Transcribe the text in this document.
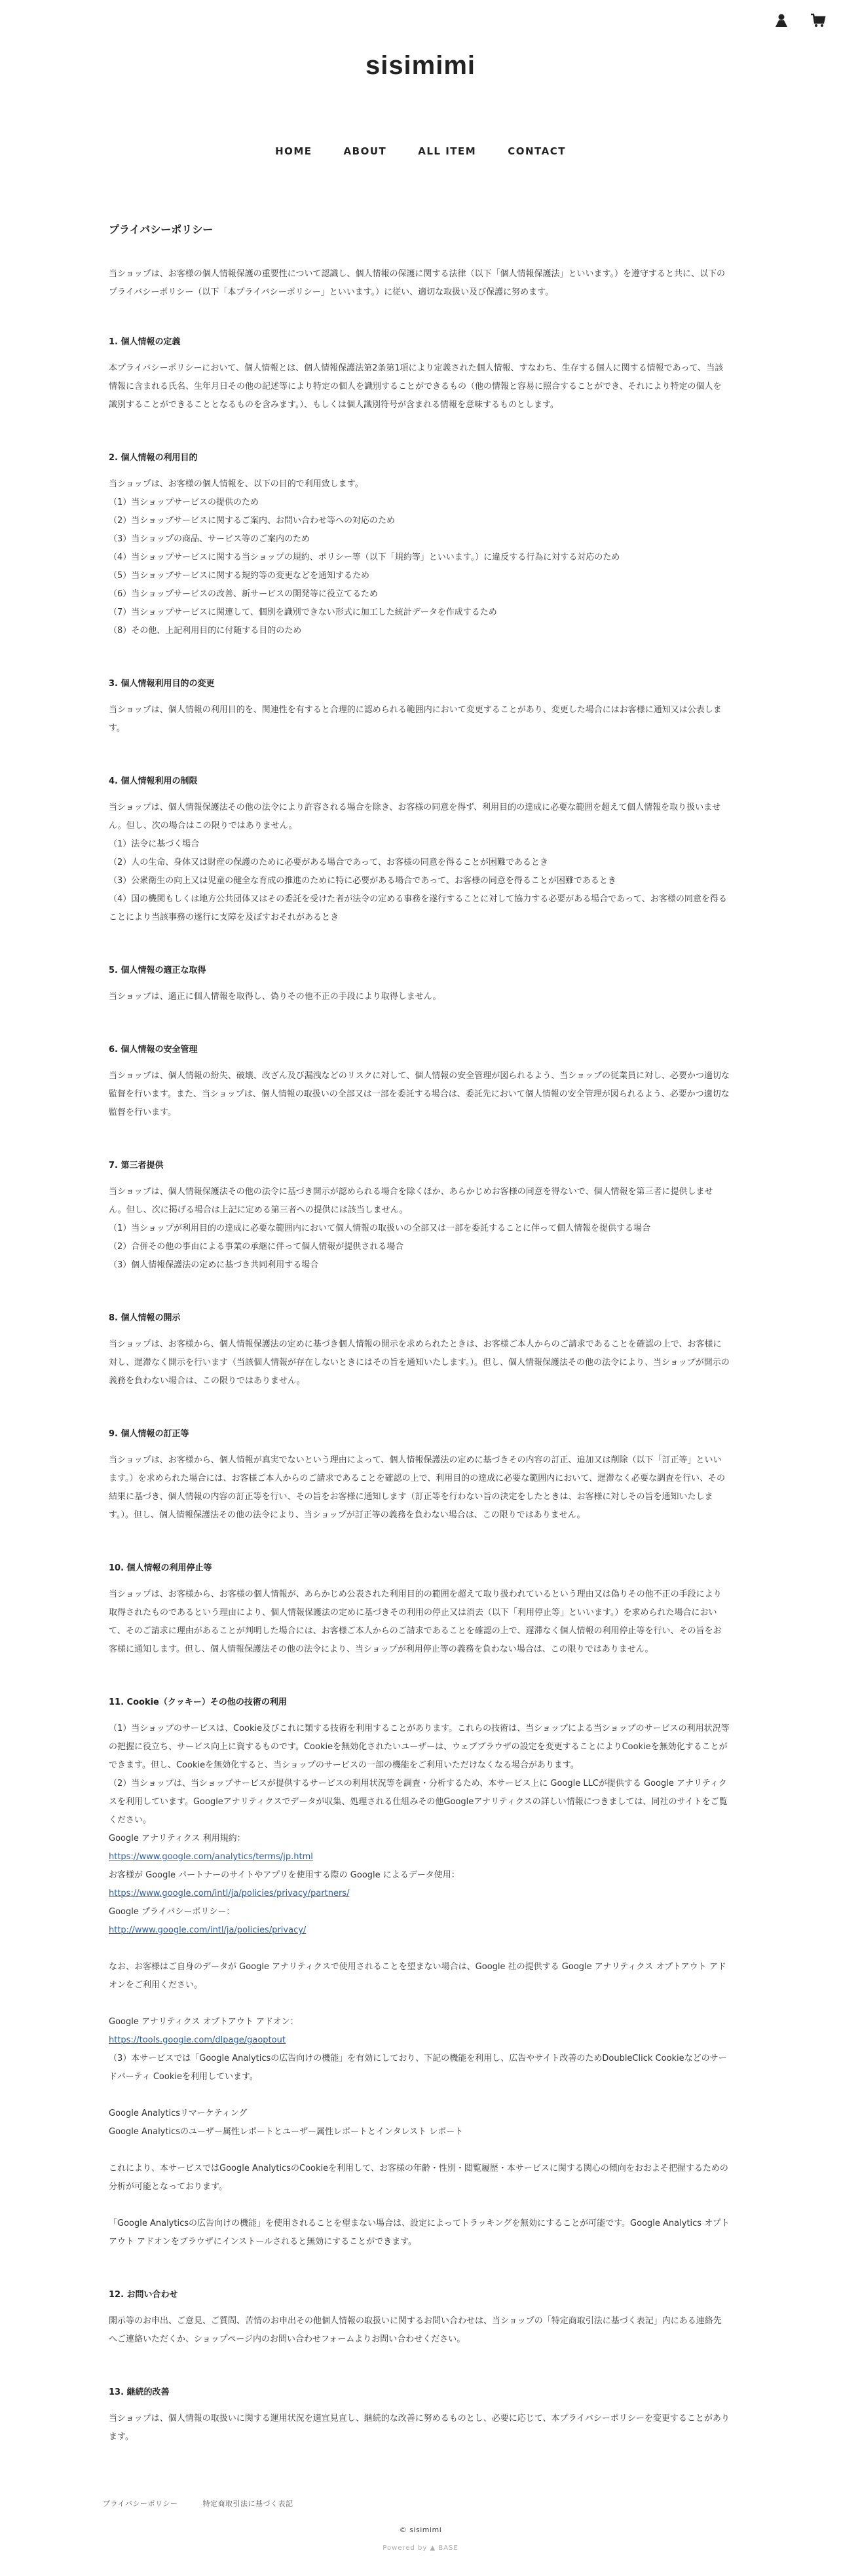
sisimimi
HOME	ABOUT	ALL ITEM	CONTACT
プライバシーポリシー

当ショップは、お客様の個人情報保護の重要性について認識し、個人情報の保護に関する法律（以下「個人情報保護法」といいます。）を遵守すると共に、以下のプライバシーポリシー（以下「本プライバシーポリシー」といいます。）に従い、適切な取扱い及び保護に努めます。

1. 個人情報の定義
本プライバシーポリシーにおいて、個人情報とは、個人情報保護法第2条第1項により定義された個人情報、すなわち、生存する個人に関する情報であって、当該情報に含まれる氏名、生年月日その他の記述等により特定の個人を識別することができるもの（他の情報と容易に照合することができ、それにより特定の個人を識別することができることとなるものを含みます。）、もしくは個人識別符号が含まれる情報を意味するものとします。
2. 個人情報の利用目的
当ショップは、お客様の個人情報を、以下の目的で利用致します。
（1）当ショップサービスの提供のため
（2）当ショップサービスに関するご案内、お問い合わせ等への対応のため
（3）当ショップの商品、サービス等のご案内のため
（4）当ショップサービスに関する当ショップの規約、ポリシー等（以下「規約等」といいます。）に違反する行為に対する対応のため
（5）当ショップサービスに関する規約等の変更などを通知するため
（6）当ショップサービスの改善、新サービスの開発等に役立てるため
（7）当ショップサービスに関連して、個別を識別できない形式に加工した統計データを作成するため
（8）その他、上記利用目的に付随する目的のため
3. 個人情報利用目的の変更
当ショップは、個人情報の利用目的を、関連性を有すると合理的に認められる範囲内において変更することがあり、変更した場合にはお客様に通知又は公表します。
4. 個人情報利用の制限
当ショップは、個人情報保護法その他の法令により許容される場合を除き、お客様の同意を得ず、利用目的の達成に必要な範囲を超えて個人情報を取り扱いません。但し、次の場合はこの限りではありません。
（1）法令に基づく場合
（2）人の生命、身体又は財産の保護のために必要がある場合であって、お客様の同意を得ることが困難であるとき
（3）公衆衛生の向上又は児童の健全な育成の推進のために特に必要がある場合であって、お客様の同意を得ることが困難であるとき
（4）国の機関もしくは地方公共団体又はその委託を受けた者が法令の定める事務を遂行することに対して協力する必要がある場合であって、お客様の同意を得ることにより当該事務の遂行に支障を及ぼすおそれがあるとき
5. 個人情報の適正な取得
当ショップは、適正に個人情報を取得し、偽りその他不正の手段により取得しません。
6. 個人情報の安全管理
当ショップは、個人情報の紛失、破壊、改ざん及び漏洩などのリスクに対して、個人情報の安全管理が図られるよう、当ショップの従業員に対し、必要かつ適切な監督を行います。また、当ショップは、個人情報の取扱いの全部又は一部を委託する場合は、委託先において個人情報の安全管理が図られるよう、必要かつ適切な監督を行います。
7. 第三者提供
当ショップは、個人情報保護法その他の法令に基づき開示が認められる場合を除くほか、あらかじめお客様の同意を得ないで、個人情報を第三者に提供しません。但し、次に掲げる場合は上記に定める第三者への提供には該当しません。
（1）当ショップが利用目的の達成に必要な範囲内において個人情報の取扱いの全部又は一部を委託することに伴って個人情報を提供する場合
（2）合併その他の事由による事業の承継に伴って個人情報が提供される場合
（3）個人情報保護法の定めに基づき共同利用する場合
8. 個人情報の開示
当ショップは、お客様から、個人情報保護法の定めに基づき個人情報の開示を求められたときは、お客様ご本人からのご請求であることを確認の上で、お客様に対し、遅滞なく開示を行います（当該個人情報が存在しないときにはその旨を通知いたします。）。但し、個人情報保護法その他の法令により、当ショップが開示の義務を負わない場合は、この限りではありません。
9. 個人情報の訂正等
当ショップは、お客様から、個人情報が真実でないという理由によって、個人情報保護法の定めに基づきその内容の訂正、追加又は削除（以下「訂正等」といいます。）を求められた場合には、お客様ご本人からのご請求であることを確認の上で、利用目的の達成に必要な範囲内において、遅滞なく必要な調査を行い、その結果に基づき、個人情報の内容の訂正等を行い、その旨をお客様に通知します（訂正等を行わない旨の決定をしたときは、お客様に対しその旨を通知いたします。）。但し、個人情報保護法その他の法令により、当ショップが訂正等の義務を負わない場合は、この限りではありません。
10. 個人情報の利用停止等
当ショップは、お客様から、お客様の個人情報が、あらかじめ公表された利用目的の範囲を超えて取り扱われているという理由又は偽りその他不正の手段により取得されたものであるという理由により、個人情報保護法の定めに基づきその利用の停止又は消去（以下「利用停止等」といいます。）を求められた場合において、そのご請求に理由があることが判明した場合には、お客様ご本人からのご請求であることを確認の上で、遅滞なく個人情報の利用停止等を行い、その旨をお客様に通知します。但し、個人情報保護法その他の法令により、当ショップが利用停止等の義務を負わない場合は、この限りではありません。
11. Cookie（クッキー）その他の技術の利用
（1）当ショップのサービスは、Cookie及びこれに類する技術を利用することがあります。これらの技術は、当ショップによる当ショップのサービスの利用状況等の把握に役立ち、サービス向上に資するものです。Cookieを無効化されたいユーザーは、ウェブブラウザの設定を変更することによりCookieを無効化することができます。但し、Cookieを無効化すると、当ショップのサービスの一部の機能をご利用いただけなくなる場合があります。
（2）当ショップは、当ショップサービスが提供するサービスの利用状況等を調査・分析するため、本サービス上に Google LLCが提供する Google アナリティクスを利用しています。Googleアナリティクスでデータが収集、処理される仕組みその他Googleアナリティクスの詳しい情報につきましては、同社のサイトをご覧ください。
Google アナリティクス 利用規約：
https://www.google.com/analytics/terms/jp.html
お客様が Google パートナーのサイトやアプリを使用する際の Google によるデータ使用：
https://www.google.com/intl/ja/policies/privacy/partners/
Google プライバシーポリシー：
http://www.google.com/intl/ja/policies/privacy/
なお、お客様はご自身のデータが Google アナリティクスで使用されることを望まない場合は、Google 社の提供する Google アナリティクス オプトアウト アドオンをご利用ください。
Google アナリティクス オプトアウト アドオン：
https://tools.google.com/dlpage/gaoptout
（3）本サービスでは「Google Analyticsの広告向けの機能」を有効にしており、下記の機能を利用し、広告やサイト改善のためDoubleClick Cookieなどのサードパーティ Cookieを利用しています。
Google Analyticsリマーケティング
Google Analyticsのユーザー属性レポートとユーザー属性レポートとインタレスト レポート
これにより、本サービスではGoogle AnalyticsのCookieを利用して、お客様の年齢・性別・閲覧履歴・本サービスに関する関心の傾向をおおよそ把握するための分析が可能となっております。
「Google Analyticsの広告向けの機能」を使用されることを望まない場合は、設定によってトラッキングを無効にすることが可能です。Google Analytics オプトアウト アドオンをブラウザにインストールされると無効にすることができます。
12. お問い合わせ
開示等のお申出、ご意見、ご質問、苦情のお申出その他個人情報の取扱いに関するお問い合わせは、当ショップの「特定商取引法に基づく表記」内にある連絡先へご連絡いただくか、ショップページ内のお問い合わせフォームよりお問い合わせください。
13. 継続的改善
当ショップは、個人情報の取扱いに関する運用状況を適宜見直し、継続的な改善に努めるものとし、必要に応じて、本プライバシーポリシーを変更することがあります。
プライバシーポリシー	特定商取引法に基づく表記
© sisimimi
Powered by ▲ BASE
